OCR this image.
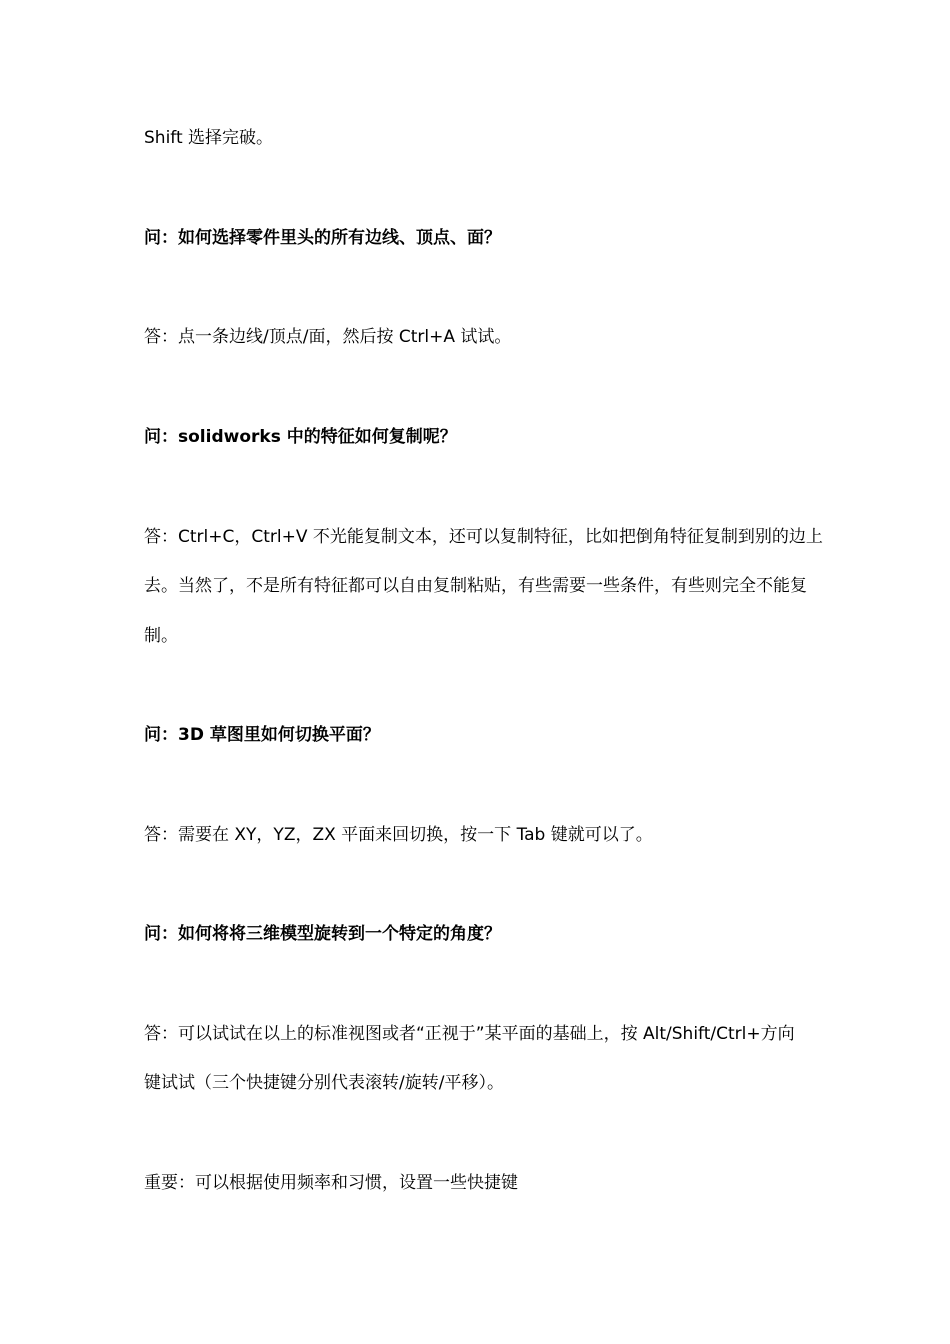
Shift 选择完破。
问：如何选择零件里头的所有边线、顶点、面？
答：点一条边线/顶点/面，然后按 Ctrl+A 试试。
问：solidworks 中的特征如何复制呢？
答：Ctrl+C，Ctrl+V 不光能复制文本，还可以复制特征，比如把倒角特征复制到别的边上
去。当然了，不是所有特征都可以自由复制粘贴，有些需要一些条件，有些则完全不能复
制。
问：3D 草图里如何切换平面？
答：需要在 XY，YZ，ZX 平面来回切换，按一下 Tab 键就可以了。
问：如何将将三维模型旋转到一个特定的角度？
答：可以试试在以上的标准视图或者“正视于”某平面的基础上，按 Alt/Shift/Ctrl+方向
键试试（三个快捷键分别代表滚转/旋转/平移）。
重要：可以根据使用频率和习惯，设置一些快捷键
